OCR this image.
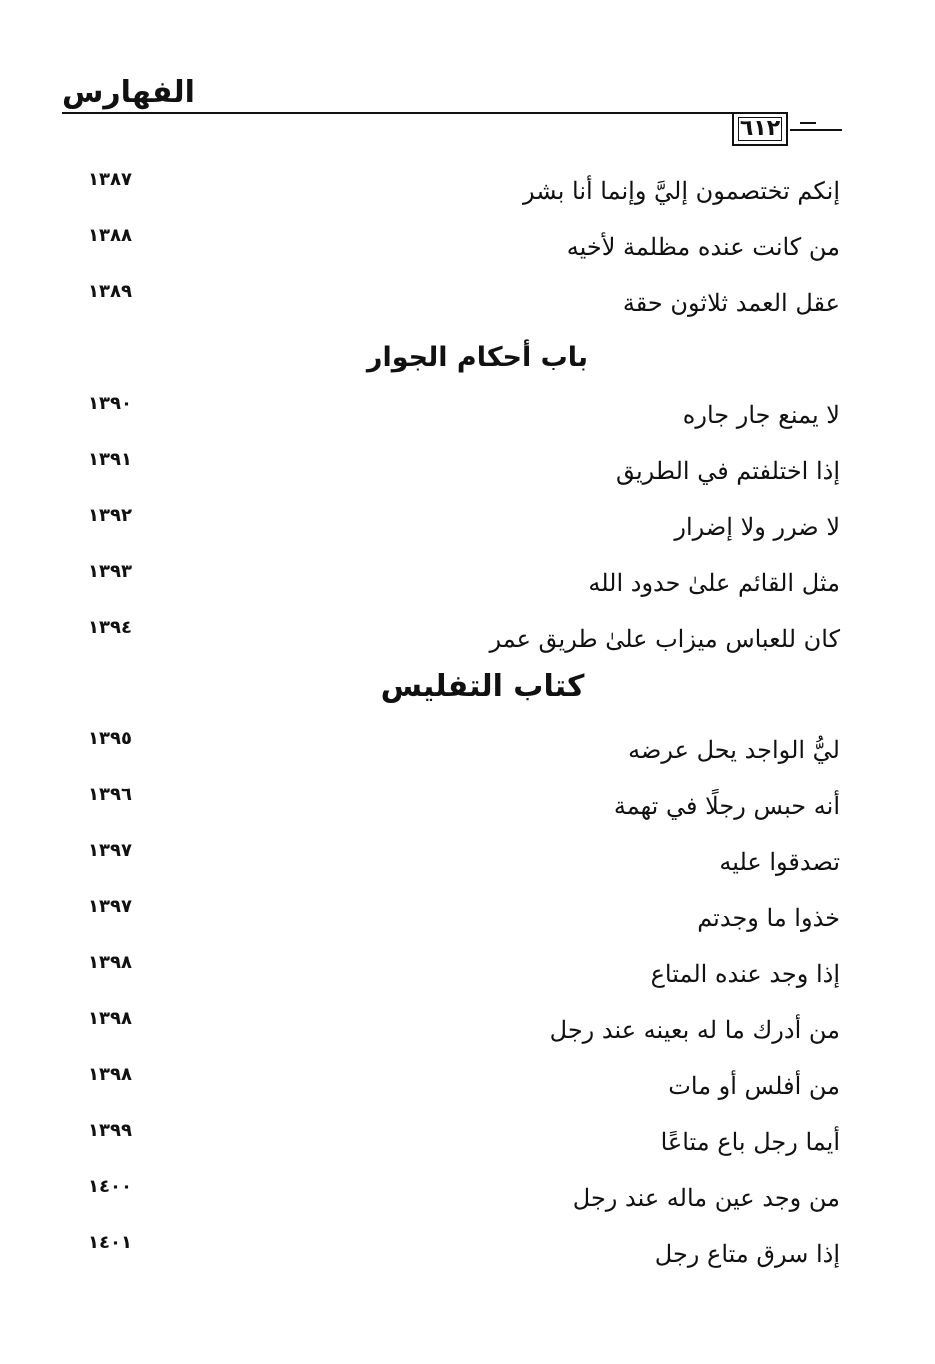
الفهارس
٦١٢
إنكم تختصمون إليَّ وإنما أنا بشر
١٣٨٧
من كانت عنده مظلمة لأخيه
١٣٨٨
عقل العمد ثلاثون حقة
١٣٨٩
باب أحكام الجوار
لا يمنع جار جاره
١٣٩٠
إذا اختلفتم في الطريق
١٣٩١
لا ضرر ولا إضرار
١٣٩٢
مثل القائم علىٰ حدود الله
١٣٩٣
كان للعباس ميزاب علىٰ طريق عمر
١٣٩٤
كتاب التفليس
ليُّ الواجد يحل عرضه
١٣٩٥
أنه حبس رجلًا في تهمة
١٣٩٦
تصدقوا عليه
١٣٩٧
خذوا ما وجدتم
١٣٩٧
إذا وجد عنده المتاع
١٣٩٨
من أدرك ما له بعينه عند رجل
١٣٩٨
من أفلس أو مات
١٣٩٨
أيما رجل باع متاعًا
١٣٩٩
من وجد عين ماله عند رجل
١٤٠٠
إذا سرق متاع رجل
١٤٠١
